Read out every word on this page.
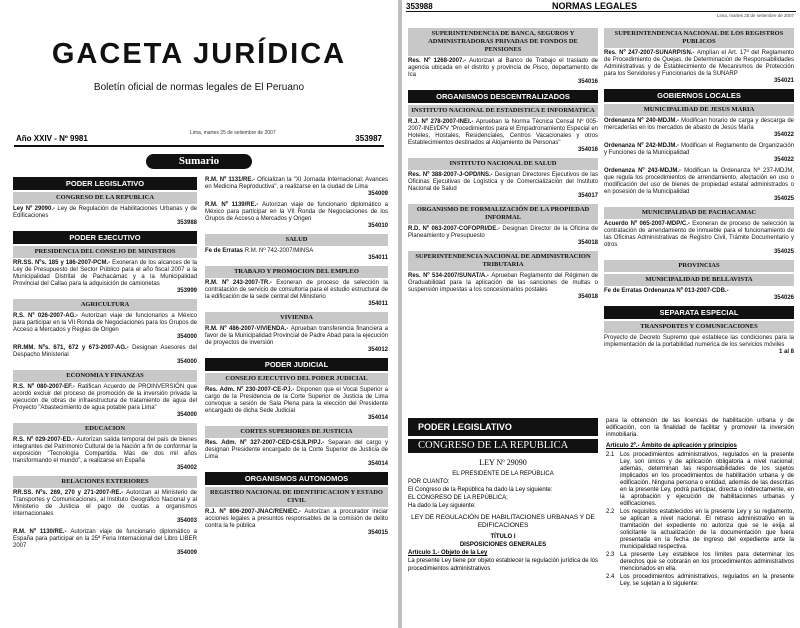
GACETA JURÍDICA
Boletín oficial de normas legales de El Peruano
Lima, martes 25 de setiembre de 2007
Año XXIV - Nº 9981	353987
Sumario
PODER LEGISLATIVO
CONGRESO DE LA REPUBLICA
Ley Nº 29090.- Ley de Regulación de Habilitaciones Urbanas y de Edificaciones
353988
PODER EJECUTIVO
PRESIDENCIA DEL CONSEJO DE MINISTROS
RR.SS. Nºs. 185 y 186-2007-PCM.- Exoneran de los alcances de la Ley de Presupuesto del Sector Público para el año fiscal 2007 a la Municipalidad Distrital de Pachacámac y a la Municipalidad Provincial del Callao para la adquisición de camionetas
353999
AGRICULTURA
R.S. Nº 026-2007-AG.- Autorizan viaje de funcionarios a México para participar en la VII Ronda de Negociaciones para los Grupos de Acceso a Mercados y Reglas de Origen
354000
RR.MM. Nºs. 671, 672 y 673-2007-AG.- Designan Asesores del Despacho Ministerial
354000
ECONOMIA Y FINANZAS
R.S. Nº 080-2007-EF.- Ratifican Acuerdo de PROINVERSIÓN que acordó excluir del proceso de promoción de la inversión privada la ejecución de obras de infraestructura de tratamiento de agua del Proyecto "Abastecimiento de agua potable para Lima"
354000
EDUCACION
R.S. Nº 029-2007-ED.- Autorizan salida temporal del país de bienes integrantes del Patrimonio Cultural de la Nación a fin de conformar la exposición "Tecnología Compartida. Más de dos mil años transformando el mundo", a realizarse en España
354002
RELACIONES EXTERIORES
RR.SS. Nºs. 269, 270 y 271-2007-RE.- Autorizan al Ministerio de Transportes y Comunicaciones, al Instituto Geográfico Nacional y al Ministerio de Justicia el pago de cuotas a organismos internacionales
354003
R.M. Nº 1130/RE.- Autorizan viaje de funcionario diplomático a España para participar en la 25ª Feria Internacional del Libro LIBER 2007
354009
R.M. Nº 1131/RE.- Oficializan la "XI Jornada Internacional: Avances en Medicina Reproductiva", a realizarse en la ciudad de Lima
354009
R.M. Nº 1139/RE.- Autorizan viaje de funcionario diplomático a México para participar en la VII Ronda de Negociaciones de los Grupos de Acceso a Mercados y Origen
354010
SALUD
Fe de Erratas R.M. Nº 742-2007/MINSA
354011
TRABAJO Y PROMOCION DEL EMPLEO
R.M. Nº 243-2007-TR.- Exoneran de proceso de selección la contratación de servicio de consultoría para el estudio estructural de la edificación de la sede central del Ministerio
354011
VIVIENDA
R.M. Nº 486-2007-VIVIENDA.- Aprueban transferencia financiera a favor de la Municipalidad Provincial de Padre Abad para la ejecución de proyectos de inversión
354012
PODER JUDICIAL
CONSEJO EJECUTIVO DEL PODER JUDICIAL
Res. Adm. Nº 230-2007-CE-PJ.- Disponen que el Vocal Superior a cargo de la Presidencia de la Corte Superior de Justicia de Lima convoque a sesión de Sala Plena para la elección del Presidente encargado de dicha Sede Judicial
354014
CORTES SUPERIORES DE JUSTICIA
Res. Adm. Nº 327-2007-CED-CSJLP/PJ.- Separan del cargo y designan Presidente encargado de la Corte Superior de Justicia de Lima
354014
ORGANISMOS AUTONOMOS
REGISTRO NACIONAL DE IDENTIFICACION Y ESTADO CIVIL
R.J. Nº 806-2007-JNAC/RENIEC.- Autorizan a procurador iniciar acciones legales a presuntos responsables de la comisión de delito contra la fe pública
354015
353988	NORMAS LEGALES
Lima, martes 25 de setiembre de 2007
SUPERINTENDENCIA DE BANCA, SEGUROS Y ADMINISTRADORAS PRIVADAS DE FONDOS DE PENSIONES
Res. Nº 1268-2007.- Autorizan al Banco de Trabajo el traslado de agencia ubicada en el distrito y provincia de Pisco, departamento de Ica
354016
ORGANISMOS DESCENTRALIZADOS
INSTITUTO NACIONAL DE ESTADISTICA E INFORMATICA
R.J. Nº 278-2007-INEI.- Aprueban la Norma Técnica Censal Nº 005-2007-INEI/DPV "Procedimientos para el Empadronamiento Especial en Hoteles, Hostales, Residenciales, Centros Vacacionales y otros Establecimientos destinados al Alojamiento de Personas"
354016
INSTITUTO NACIONAL DE SALUD
Res. Nº 388-2007-J-OPD/INS.- Designan Directores Ejecutivos de las Oficinas Ejecutivas de Logística y de Comercialización del Instituto Nacional de Salud
354017
ORGANISMO DE FORMALIZACIÓN DE LA PROPIEDAD INFORMAL
R.D. Nº 063-2007-COFOPRI/DE.- Designan Director de la Oficina de Planeamiento y Presupuesto
354018
SUPERINTENDENCIA NACIONAL DE ADMINISTRACION TRIBUTARIA
Res. Nº 534-2007/SUNAT/A.- Aprueban Reglamento del Régimen de Graduabilidad para la aplicación de las sanciones de multas o suspensión impuestas a los concesionarios postales
354018
SUPERINTENDENCIA NACIONAL DE LOS REGISTROS PUBLICOS
Res. Nº 247-2007-SUNARP/SN.- Amplían el Art. 17º del Reglamento de Procedimiento de Quejas, de Determinación de Responsabilidades Administrativas y de Establecimiento de Mecanismos de Protección para los Servidores y Funcionarios de la SUNARP
354021
GOBIERNOS LOCALES
MUNICIPALIDAD DE JESUS MARIA
Ordenanza Nº 240-MDJM.- Modifican horario de carga y descarga de mercaderías en los mercados de abasto de Jesús María
354022
Ordenanza Nº 242-MDJM.- Modifican el Reglamento de Organización y Funciones de la Municipalidad
354022
Ordenanza Nº 243-MDJM.- Modifican la Ordenanza Nº 237-MDJM, que regula los procedimientos de arrendamiento, afectación en uso o modificación del uso de bienes de propiedad estatal administrados o en posesión de la Municipalidad
354025
MUNICIPALIDAD DE PACHACAMAC
Acuerdo Nº 065-2007-MDP/C.- Exoneran de proceso de selección la contratación de arrendamiento de inmueble para el funcionamiento de las Oficinas Administrativas de Registro Civil, Trámite Documentario y otros
354025
PROVINCIAS
MUNICIPALIDAD DE BELLAVISTA
Fe de Erratas Ordenanza Nº 013-2007-CDB.-
354026
SEPARATA ESPECIAL
TRANSPORTES Y COMUNICACIONES
Proyecto de Decreto Supremo que establece las condiciones para la implementación de la portabilidad numérica de los servicios móviles
1 al 8
PODER LEGISLATIVO
CONGRESO DE LA REPUBLICA
LEY Nº 29090
EL PRESIDENTE DE LA REPÚBLICA
POR CUANTO:
El Congreso de la República ha dado la Ley siguiente:
EL CONGRESO DE LA REPÚBLICA;
Ha dado la Ley siguiente:
LEY DE REGULACIÓN DE HABILITACIONES URBANAS Y DE EDIFICACIONES
TÍTULO I
DISPOSICIONES GENERALES
Artículo 1.- Objeto de la Ley
La presente Ley tiene por objeto establecer la regulación jurídica de los procedimientos administrativos
para la obtención de las licencias de habilitación urbana y de edificación, con la finalidad de facilitar y promover la inversión inmobiliaria.
Artículo 2º.- Ámbito de aplicación y principios
2.1 Los procedimientos administrativos, regulados en la presente Ley, son únicos y de aplicación obligatoria a nivel nacional; además, determinan las responsabilidades de los sujetos implicados en los procedimientos de habilitación urbana y de edificación. Ninguna persona o entidad, además de las descritas en la presente Ley, podrá participar, directa o indirectamente, en la aprobación y ejecución de habilitaciones urbanas y edificaciones.
2.2 Los requisitos establecidos en la presente Ley y su reglamento, se aplican a nivel nacional. El retraso administrativo en la tramitación del expediente no autoriza que se le exija al solicitante la actualización de la documentación que fuera presentada en la fecha de ingreso del expediente ante la municipalidad respectiva.
2.3 La presente Ley establece los límites para determinar los derechos que se cobrarán en los procedimientos administrativos mencionados en ella.
2.4 Los procedimientos administrativos, regulados en la presente Ley, se sujetan a lo siguiente:
